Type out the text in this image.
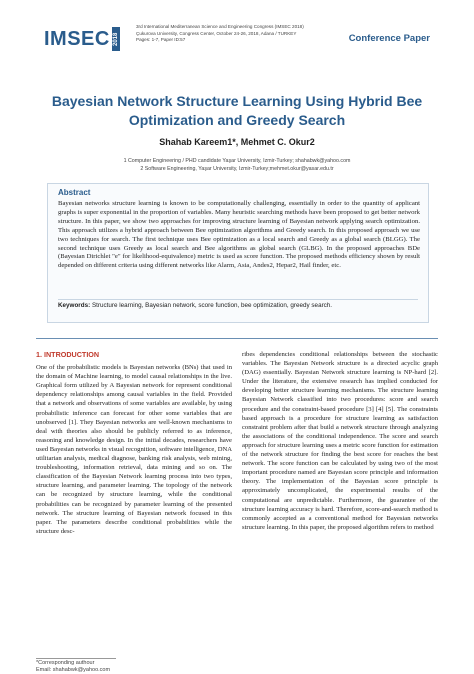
IMSEC 2018
3rd International Mediterranean Science and Engineering Congress (IMSEC 2018)
Çukurova University, Congress Center, October 24-26, 2018, Adana / TURKEY
Pages: 1-7, Paper ID:57	Conference Paper
Bayesian Network Structure Learning Using Hybrid Bee
Optimization and Greedy Search
Shahab Kareem1*, Mehmet C. Okur2
1 Computer Engineering / PHD candidate Yaşar University, Izmir-Turkey; shahabwk@yahoo.com
2 Software Engineering, Yaşar University, Izmir-Turkey;mehmet.okur@yasar.edu.tr
Abstract
Bayesian networks structure learning is known to be computationally challenging, essentially in order to the quantity of applicant graphs is super exponential in the proportion of variables. Many heuristic searching methods have been proposed to get better network structure. In this paper, we show two approaches for improving structure learning of Bayesian network applying search optimization. This approach utilizes a hybrid approach between Bee optimization algorithms and Greedy search. In this proposed approach we use two techniques for search. The first technique uses Bee optimization as a local search and Greedy as a global search (BLGG). The second technique uses Greedy as local search and Bee algorithms as global search (GLBG). In the proposed approaches BDe (Bayesian Dirichlet "e" for likelihood-equivalence) metric is used as score function. The proposed methods efficiency shown by result depended on different criteria using different networks like Alarm, Asia, Andes2, Hepar2, Hail finder, etc.
Keywords: Structure learning, Bayesian network, score function, bee optimization, greedy search.
1. INTRODUCTION

One of the probabilistic models is Bayesian networks (BNs) that used in the domain of Machine learning, to model causal relationships in the live. Graphical form utilized by A Bayesian network for represent conditional dependency relationships among causal variables in the field. Provided that a network and observations of some variables are available, by using probabilistic inference can forecast for other some variables that are unobserved [1]. They Bayesian networks are well-known mechanisms to deal with theories also should be publicly referred to as inference, reasoning and knowledge design. In the initial decades, researchers have used Bayesian networks in visual recognition, software intelligence, DNA utilitarian analysis, medical diagnose, banking risk analysis, web mining, troubleshooting, information retrieval, data mining and so on. The classification of the Bayesian Network learning process into two types, structure learning, and parameter learning. The topology of the network can be recognized by structure learning, while the conditional probabilities can be recognized by parameter learning of the presented network. The structure learning of Bayesian network focused in this paper. The parameters describe conditional probabilities while the structure desc-

ribes dependencies conditional relationships between the stochastic variables. The Bayesian Network structure is a directed acyclic graph (DAG) essentially. Bayesian Network structure learning is NP-hard [2]. Under the literature, the extensive research has implied conducted for developing better structure learning mechanisms. The structure learning Bayesian Network classified into two procedures: score and search procedure and the constraint-based procedure [3] [4] [5]. The constraints based approach is a procedure for structure learning as satisfaction constraint problem after that build a network structure through analyzing the associations of the conditional independence. The score and search approach for structure learning uses a metric score function for estimation of the network structure for finding the best score for reaches the best network. The score function can be calculated by using two of the most important procedure named are Bayesian score principle and information theory. The implementation of the Bayesian score principle is approximately uncomplicated, the experimental results of the computational are unpredictable. Furthermore, the guarantee of the structure learning accuracy is hard. Therefore, score-and-search method is commonly accepted as a conventional method for Bayesian networks structure learning. In this paper, the proposed algorithm refers to method

*Corresponding authour
Email: shahabwk@yahoo.com
